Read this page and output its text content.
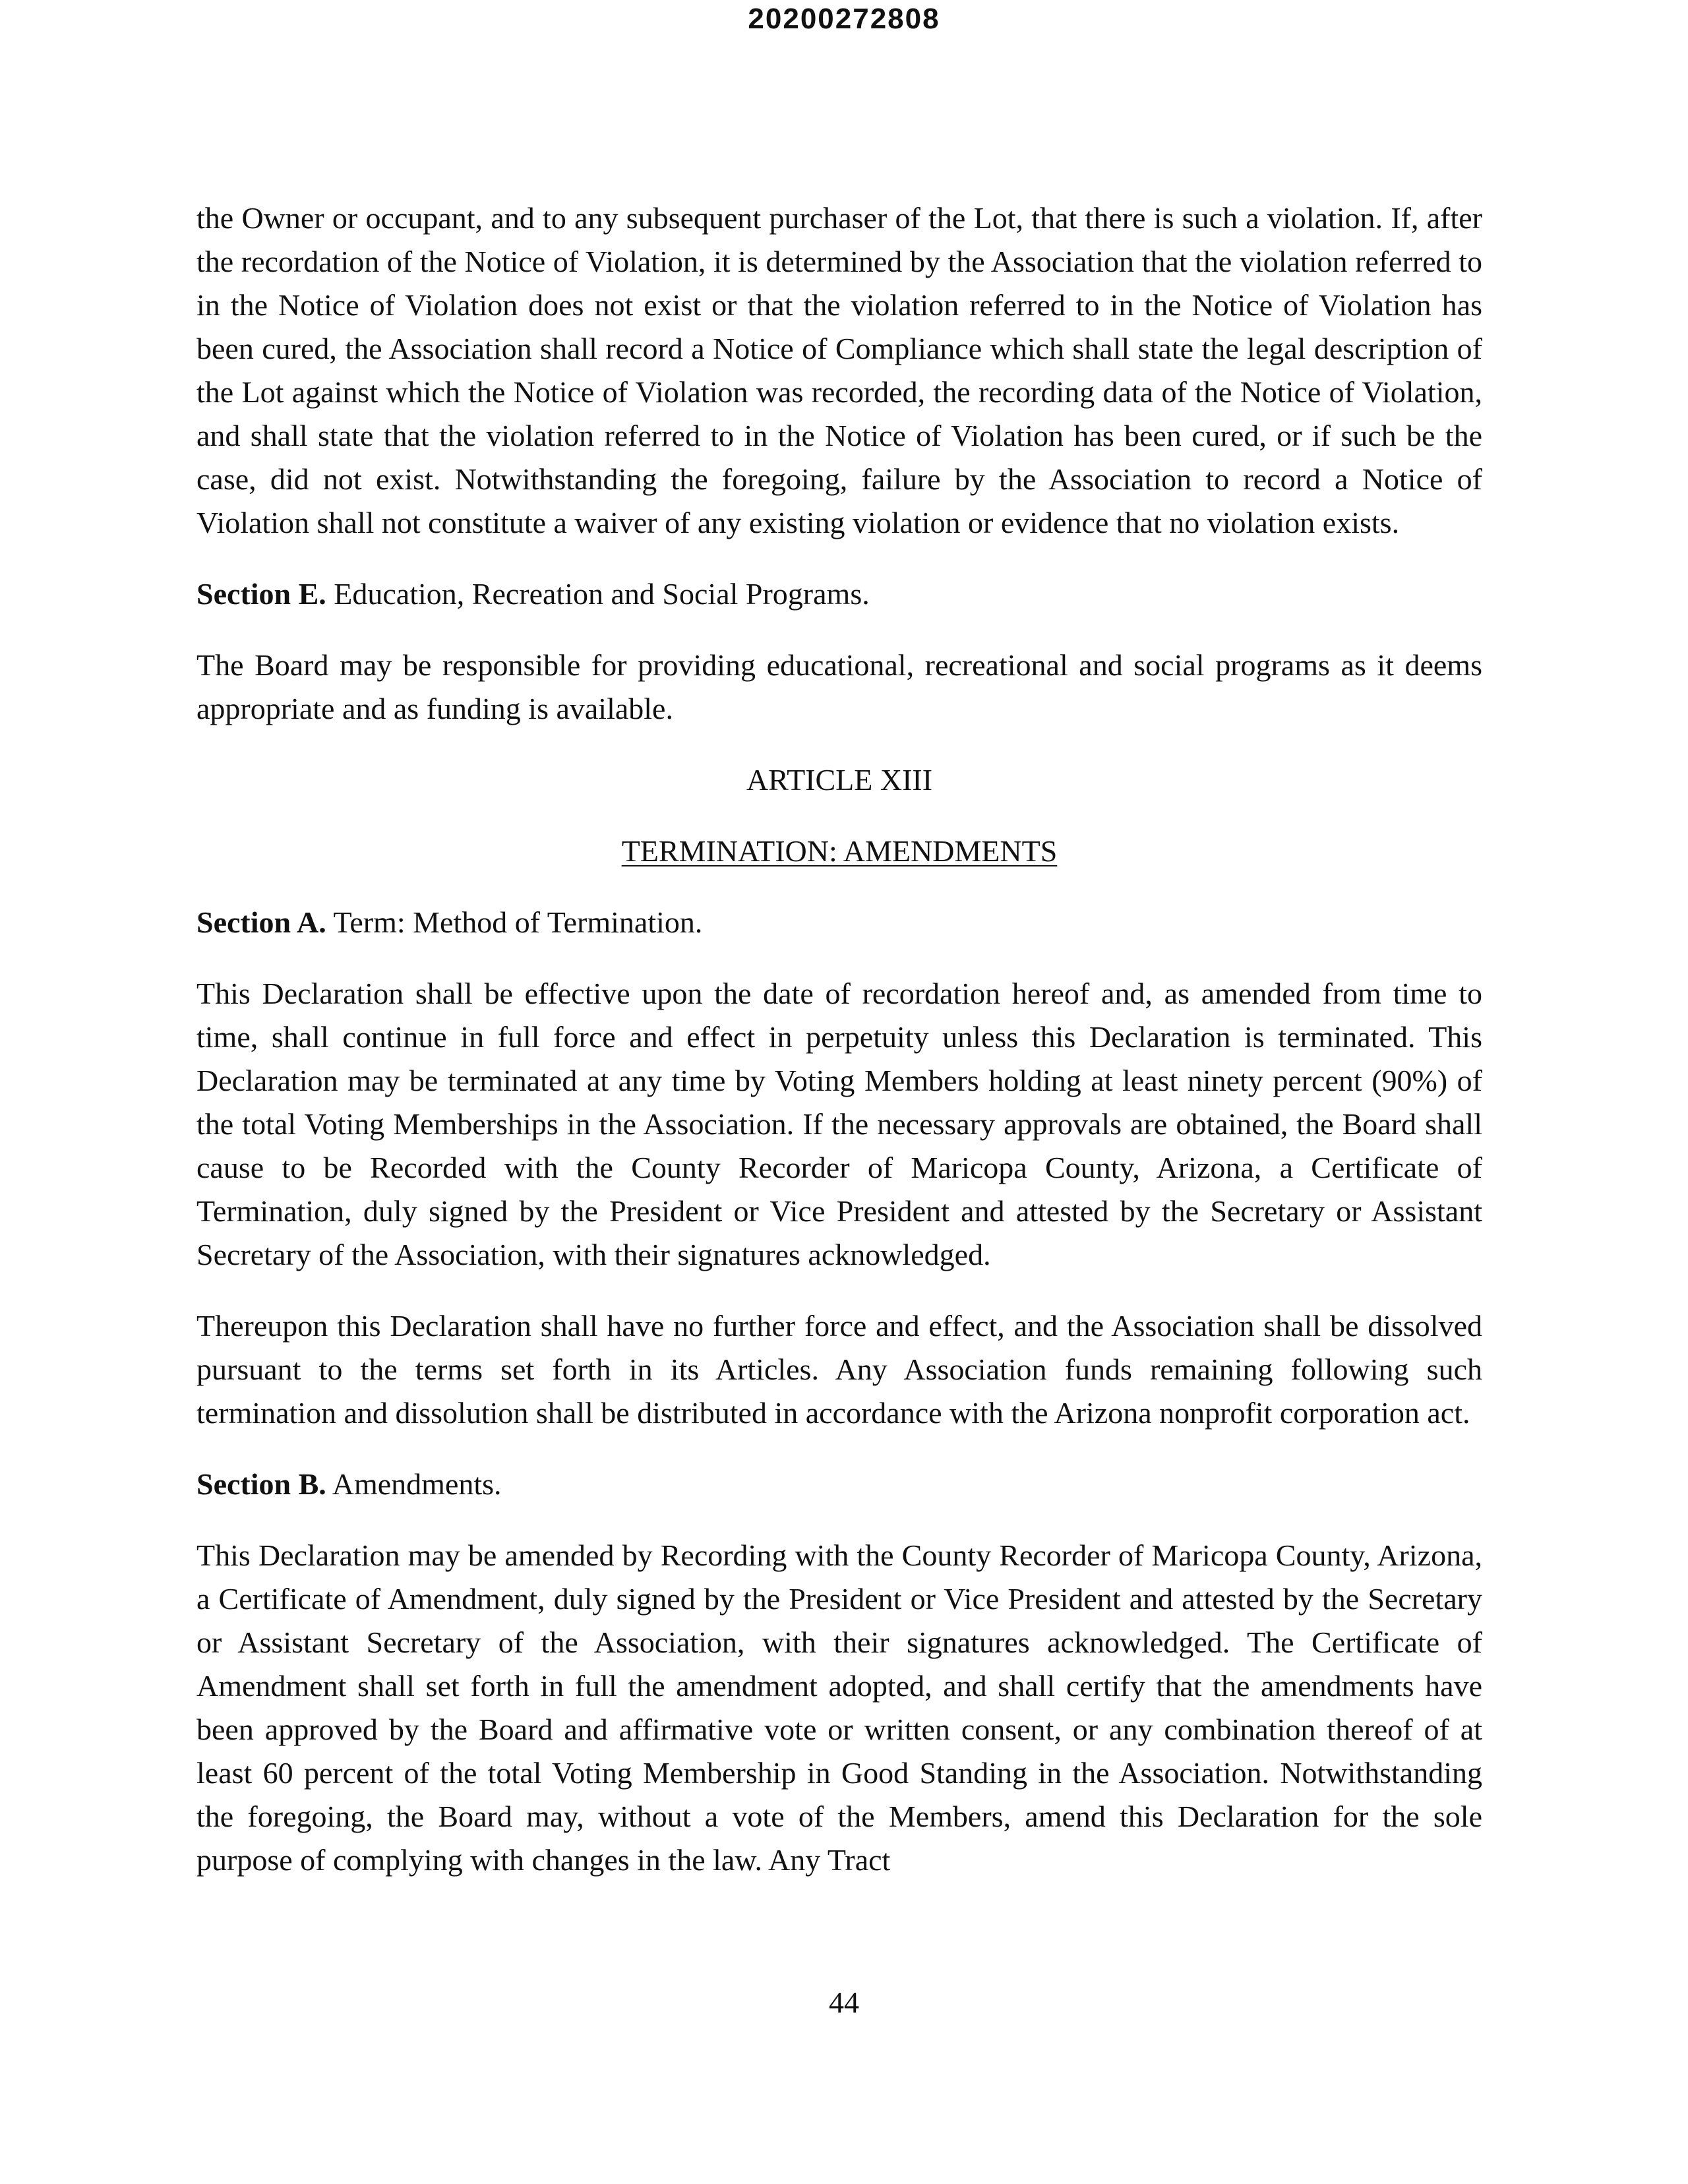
20200272808

the Owner or occupant, and to any subsequent purchaser of the Lot, that there is such a violation. If, after the recordation of the Notice of Violation, it is determined by the Association that the violation referred to in the Notice of Violation does not exist or that the violation referred to in the Notice of Violation has been cured, the Association shall record a Notice of Compliance which shall state the legal description of the Lot against which the Notice of Violation was recorded, the recording data of the Notice of Violation, and shall state that the violation referred to in the Notice of Violation has been cured, or if such be the case, did not exist. Notwithstanding the foregoing, failure by the Association to record a Notice of Violation shall not constitute a waiver of any existing violation or evidence that no violation exists.

Section E. Education, Recreation and Social Programs.

The Board may be responsible for providing educational, recreational and social programs as it deems appropriate and as funding is available.

ARTICLE XIII

TERMINATION: AMENDMENTS

Section A. Term: Method of Termination.

This Declaration shall be effective upon the date of recordation hereof and, as amended from time to time, shall continue in full force and effect in perpetuity unless this Declaration is terminated. This Declaration may be terminated at any time by Voting Members holding at least ninety percent (90%) of the total Voting Memberships in the Association. If the necessary approvals are obtained, the Board shall cause to be Recorded with the County Recorder of Maricopa County, Arizona, a Certificate of Termination, duly signed by the President or Vice President and attested by the Secretary or Assistant Secretary of the Association, with their signatures acknowledged.

Thereupon this Declaration shall have no further force and effect, and the Association shall be dissolved pursuant to the terms set forth in its Articles. Any Association funds remaining following such termination and dissolution shall be distributed in accordance with the Arizona nonprofit corporation act.

Section B. Amendments.

This Declaration may be amended by Recording with the County Recorder of Maricopa County, Arizona, a Certificate of Amendment, duly signed by the President or Vice President and attested by the Secretary or Assistant Secretary of the Association, with their signatures acknowledged. The Certificate of Amendment shall set forth in full the amendment adopted, and shall certify that the amendments have been approved by the Board and affirmative vote or written consent, or any combination thereof of at least 60 percent of the total Voting Membership in Good Standing in the Association. Notwithstanding the foregoing, the Board may, without a vote of the Members, amend this Declaration for the sole purpose of complying with changes in the law. Any Tract

44
